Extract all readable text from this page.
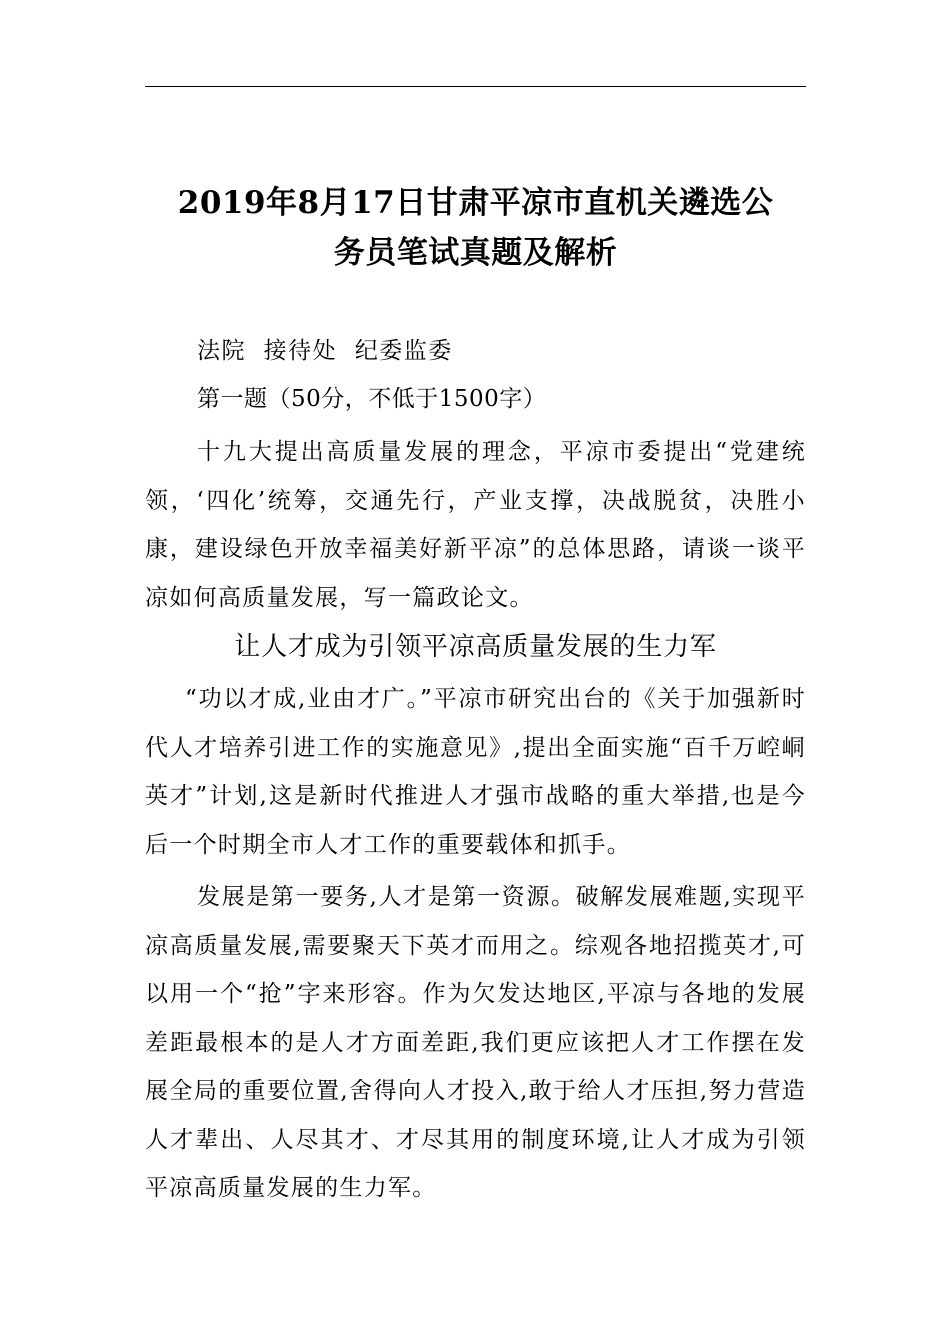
2019年8月17日甘肃平凉市直机关遴选公
务员笔试真题及解析
法院  接待处  纪委监委
第一题（50分，不低于1500字）

十九大提出高质量发展的理念，平凉市委提出“党建统领，‘四化’统筹，交通先行，产业支撑，决战脱贫，决胜小康，建设绿色开放幸福美好新平凉”的总体思路，请谈一谈平凉如何高质量发展，写一篇政论文。

让人才成为引领平凉高质量发展的生力军

“功以才成,业由才广。”平凉市研究出台的《关于加强新时代人才培养引进工作的实施意见》,提出全面实施“百千万崆峒英才”计划,这是新时代推进人才强市战略的重大举措,也是今后一个时期全市人才工作的重要载体和抓手。

发展是第一要务,人才是第一资源。破解发展难题,实现平凉高质量发展,需要聚天下英才而用之。综观各地招揽英才,可以用一个“抢”字来形容。作为欠发达地区,平凉与各地的发展差距最根本的是人才方面差距,我们更应该把人才工作摆在发展全局的重要位置,舍得向人才投入,敢于给人才压担,努力营造人才辈出、人尽其才、才尽其用的制度环境,让人才成为引领平凉高质量发展的生力军。
